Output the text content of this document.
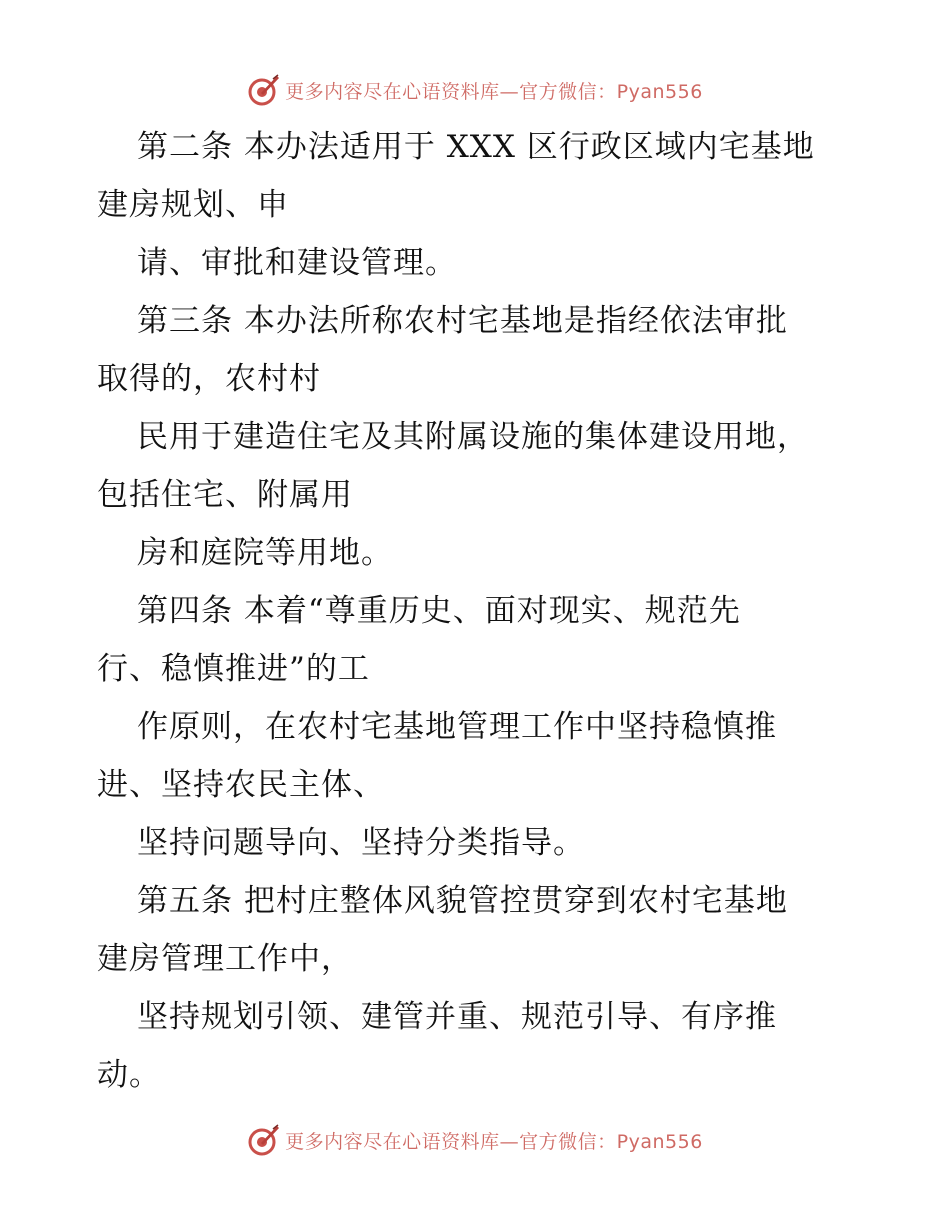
更多内容尽在心语资料库—官方微信：Pyan556
第二条 本办法适用于 XXX 区行政区域内宅基地
建房规划、申
请、审批和建设管理。
第三条 本办法所称农村宅基地是指经依法审批
取得的，农村村
民用于建造住宅及其附属设施的集体建设用地，
包括住宅、附属用
房和庭院等用地。
第四条 本着“尊重历史、面对现实、规范先
行、稳慎推进”的工
作原则，在农村宅基地管理工作中坚持稳慎推
进、坚持农民主体、
坚持问题导向、坚持分类指导。
第五条 把村庄整体风貌管控贯穿到农村宅基地
建房管理工作中，
坚持规划引领、建管并重、规范引导、有序推
动。
更多内容尽在心语资料库—官方微信：Pyan556
